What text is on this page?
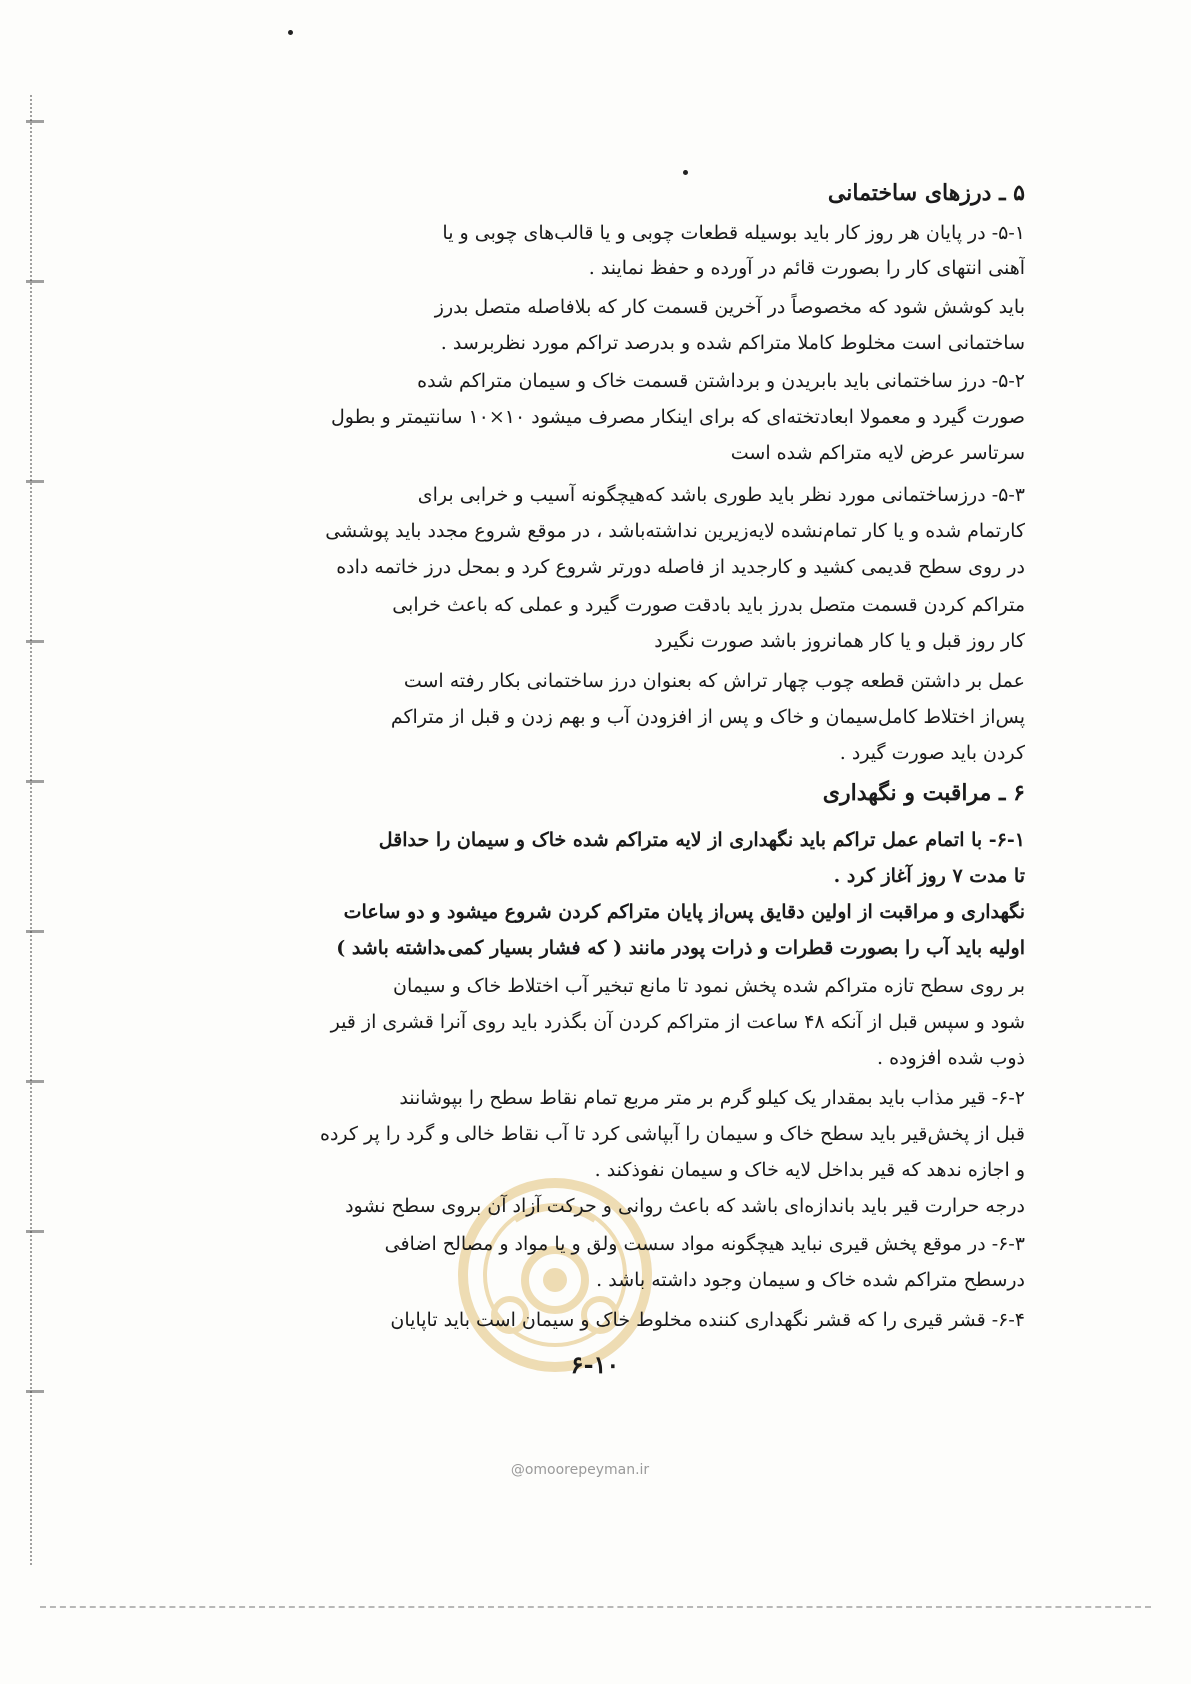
۵ ـ درزهای ساختمانی
۵-۱- در پایان هر روز کار باید بوسیله قطعات چوبی و یا قالب‌های چوبی و یا
آهنی انتهای کار را بصورت قائم در آورده و حفظ نمایند .
باید کوشش شود که مخصوصاً در آخرین قسمت کار که بلافاصله متصل بدرز
ساختمانی است مخلوط کاملا متراکم شده و بدرصد تراکم مورد نظربرسد .
۵-۲- درز ساختمانی باید بابریدن و برداشتن قسمت خاک و سیمان متراکم شده
صورت گیرد و معمولا ابعادتخته‌ای که برای اینکار مصرف میشود ۱۰×۱۰ سانتیمتر و بطول
سرتاسر عرض لایه متراکم شده است
۵-۳- درزساختمانی مورد نظر باید طوری باشد که‌هیچگونه آسیب و خرابی برای
کارتمام شده و یا کار تمام‌نشده لایه‌زیرین نداشته‌باشد ، در موقع شروع مجدد باید پوششی
در روی سطح قدیمی کشید و کارجدید از فاصله دورتر شروع کرد و بمحل درز خاتمه داده
متراکم کردن قسمت متصل بدرز باید بادقت صورت گیرد و عملی که باعث خرابی
کار روز قبل و یا کار همانروز باشد صورت نگیرد
عمل بر داشتن قطعه چوب چهار تراش که بعنوان درز ساختمانی بکار رفته است
پس‌از اختلاط کامل‌سیمان و خاک و پس از افزودن آب و بهم زدن و قبل از متراکم
کردن باید صورت گیرد .
۶ ـ مراقبت و نگهداری
۶-۱- با اتمام عمل تراکم باید نگهداری از لایه متراکم شده خاک و سیمان را حداقل
تا مدت ۷ روز آغاز کرد .
نگهداری و مراقبت از اولین دقایق پس‌از پایان متراکم کردن شروع میشود و دو ساعات
اولیه باید آب را بصورت قطرات و ذرات پودر مانند ( که فشار بسیار کمی داشته باشد )
بر روی سطح تازه متراکم شده پخش نمود تا مانع تبخیر آب اختلاط خاک و سیمان
شود و سپس قبل از آنکه ۴۸ ساعت از متراکم کردن آن بگذرد باید روی آنرا قشری از قیر
ذوب شده افزوده .
۶-۲- قیر مذاب باید بمقدار یک کیلو گرم بر متر مربع تمام نقاط سطح را بپوشانند
قبل از پخش‌قیر باید سطح خاک و سیمان را آبپاشی کرد تا آب نقاط خالی و گرد را پر کرده
و اجازه ندهد که قیر بداخل لایه خاک و سیمان نفوذکند .
درجه حرارت قیر باید باندازه‌ای باشد که باعث روانی و حرکت آزاد آن بروی سطح نشود
۶-۳- در موقع پخش قیری نباید هیچگونه مواد سست ولق و یا مواد و مصالح اضافی
درسطح متراکم شده خاک و سیمان وجود داشته باشد .
۶-۴- قشر قیری را که قشر نگهداری کننده مخلوط خاک و سیمان است باید تاپایان
۶-۱۰
@omoorepeyman.ir
